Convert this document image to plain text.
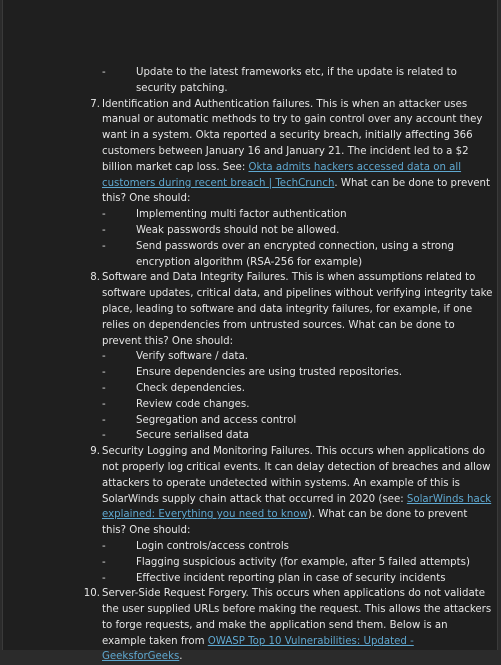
-	Update to the latest frameworks etc, if the update is related to security patching.
7. Identification and Authentication failures. This is when an attacker uses manual or automatic methods to try to gain control over any account they want in a system. Okta reported a security breach, initially affecting 366 customers between January 16 and January 21. The incident led to a $2 billion market cap loss. See: Okta admits hackers accessed data on all customers during recent breach | TechCrunch. What can be done to prevent this? One should:
-	Implementing multi factor authentication
-	Weak passwords should not be allowed.
-	Send passwords over an encrypted connection, using a strong encryption algorithm (RSA-256 for example)
8. Software and Data Integrity Failures. This is when assumptions related to software updates, critical data, and pipelines without verifying integrity take place, leading to software and data integrity failures, for example, if one relies on dependencies from untrusted sources. What can be done to prevent this? One should:
-	Verify software / data.
-	Ensure dependencies are using trusted repositories.
-	Check dependencies.
-	Review code changes.
-	Segregation and access control
-	Secure serialised data
9. Security Logging and Monitoring Failures. This occurs when applications do not properly log critical events. It can delay detection of breaches and allow attackers to operate undetected within systems. An example of this is SolarWinds supply chain attack that occurred in 2020 (see: SolarWinds hack explained: Everything you need to know). What can be done to prevent this? One should:
-	Login controls/access controls
-	Flagging suspicious activity (for example, after 5 failed attempts)
-	Effective incident reporting plan in case of security incidents
10. Server-Side Request Forgery. This occurs when applications do not validate the user supplied URLs before making the request. This allows the attackers to forge requests, and make the application send them. Below is an example taken from OWASP Top 10 Vulnerabilities: Updated - GeeksforGeeks.
